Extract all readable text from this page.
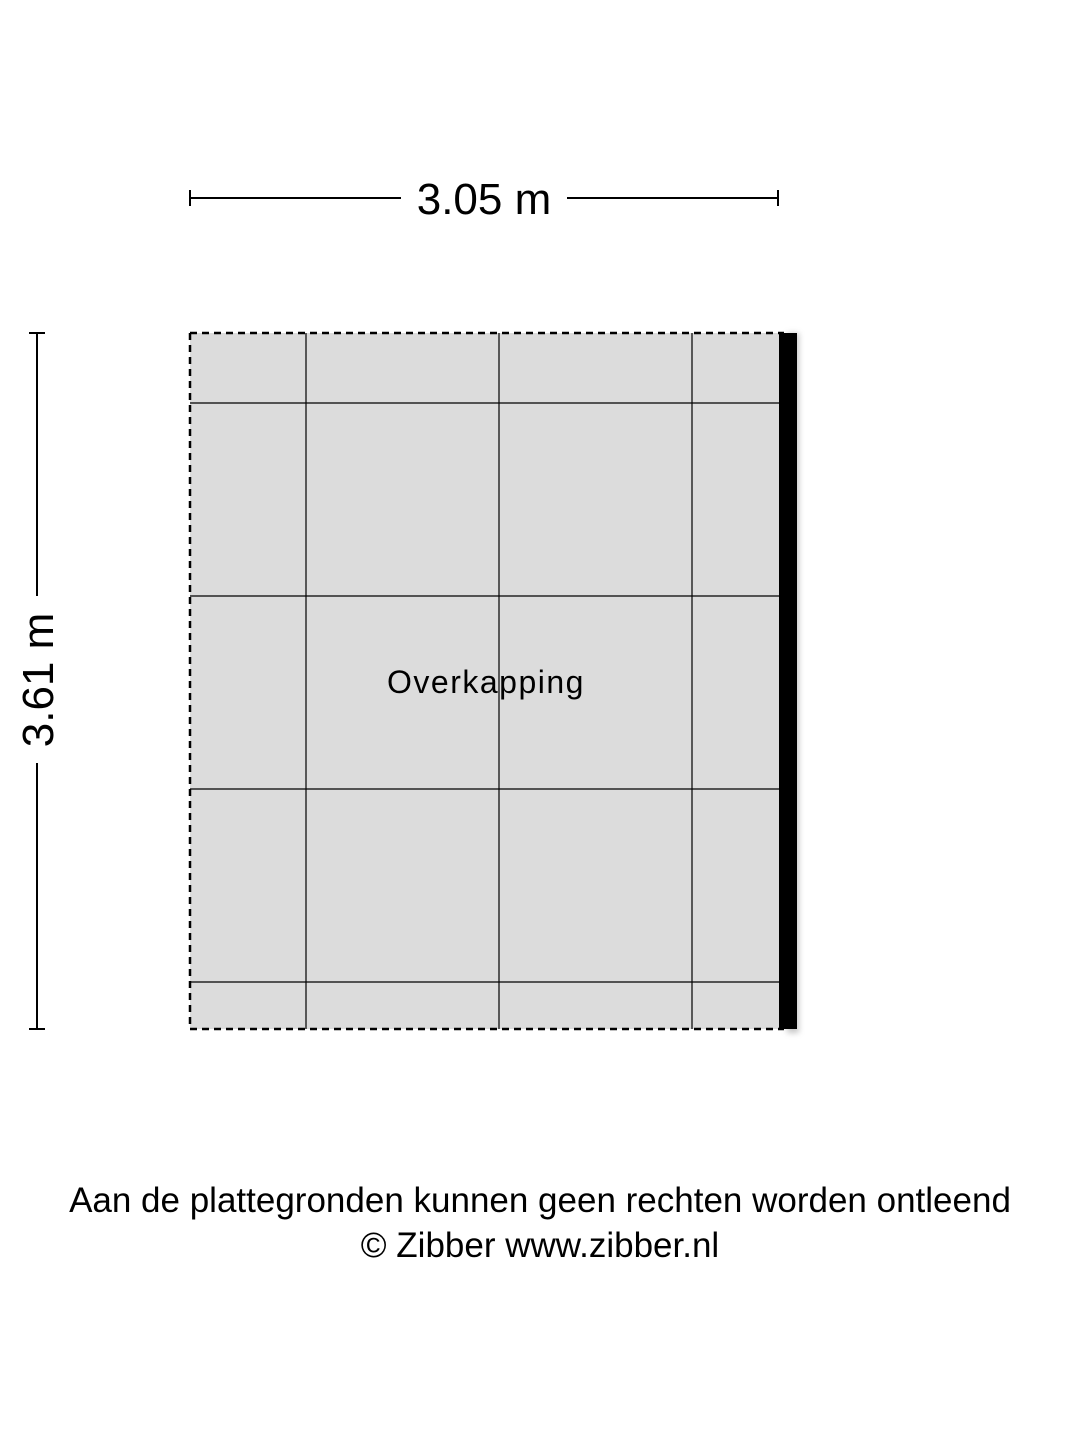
3.05 m
3.61 m	Overkapping
Aan de plattegronden kunnen geen rechten worden ontleend
© Zibber www.zibber.nl
